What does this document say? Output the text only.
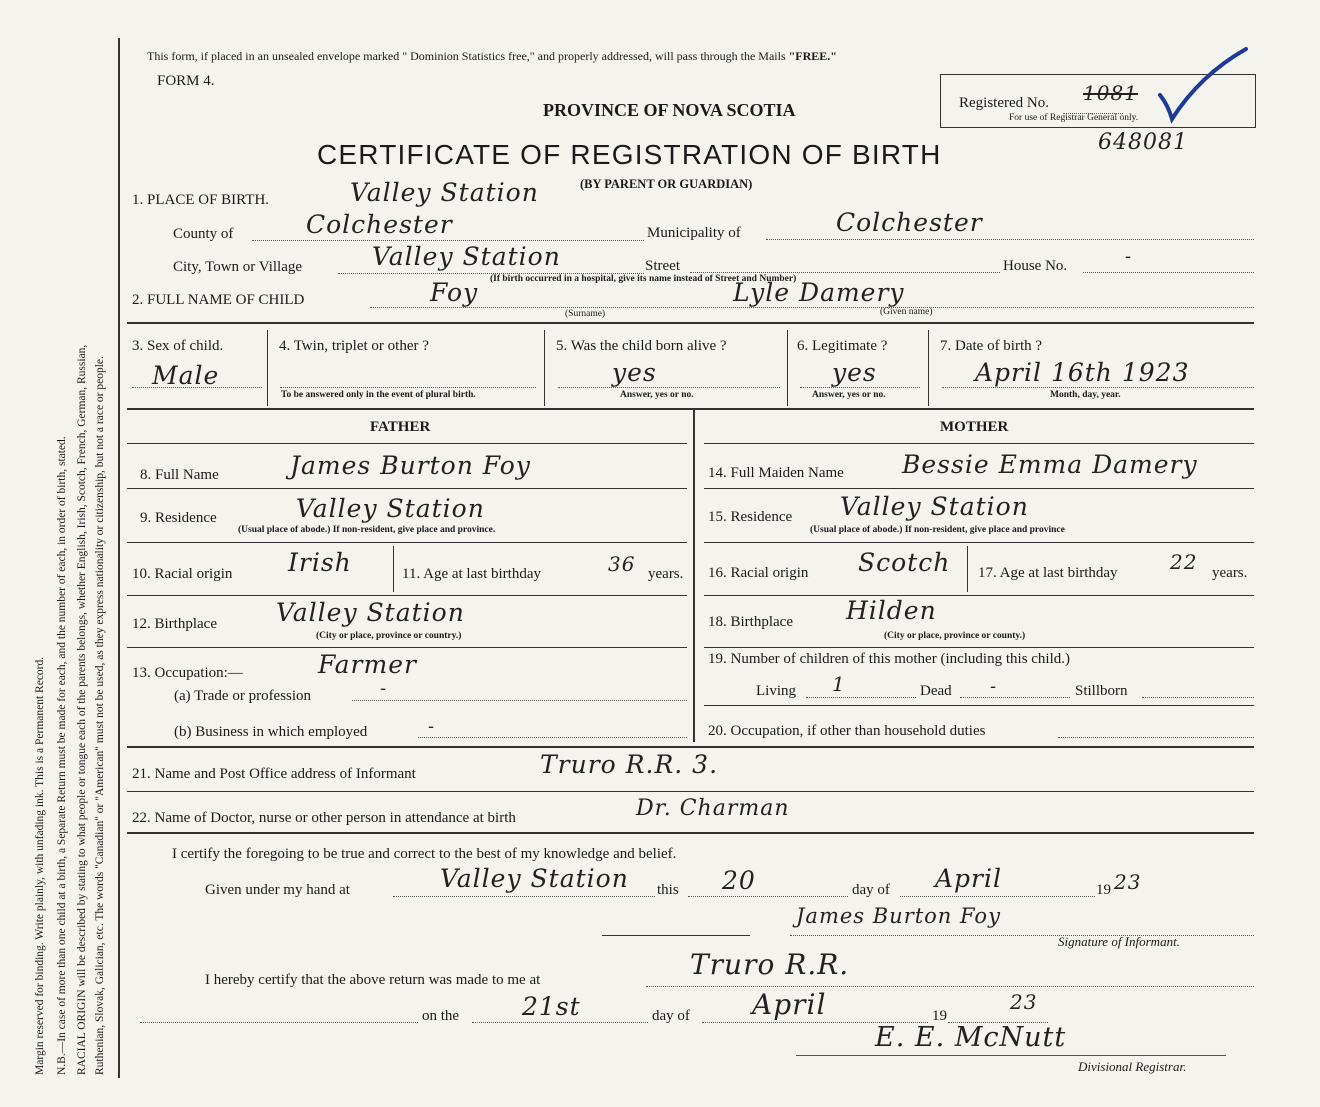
Margin reserved for binding. Write plainly, with unfading ink. This is a Permanent Record. N.B.—In case of more than one child at a birth, a Separate Return must be made for each, and the number of each, in order of birth, stated. RACIAL ORIGIN will be described by stating to what people or tongue each of the parents belongs, whether English, Irish, Scotch, French, German, Russian, Ruthenian, Slovak, Galician, etc. The words "Canadian" or "American" must not be used, as they express nationality or citizenship, but not a race or people.
This form, if placed in an unsealed envelope marked " Dominion Statistics free," and properly addressed, will pass through the Mails "FREE."
FORM 4.
PROVINCE OF NOVA SCOTIA
CERTIFICATE OF REGISTRATION OF BIRTH
(BY PARENT OR GUARDIAN)
Registered No. 1081
For use of Registrar General only.
648081
1. PLACE OF BIRTH.	Valley Station
County of	Colchester	Municipality of	Colchester
City, Town or Village	Valley Station	Street	House No.	-
(If birth occurred in a hospital, give its name instead of Street and Number)
2. FULL NAME OF CHILD	Foy	Lyle Damery
(Surname)	(Given name)
3. Sex of child.
Male
4. Twin, triplet or other ?
To be answered only in the event of plural birth.
5. Was the child born alive ?
yes
Answer, yes or no.
6. Legitimate ?
yes
Answer, yes or no.
7. Date of birth ?
April 16th 1923
Month, day, year.
FATHER	MOTHER
8. Full Name	James Burton Foy
9. Residence	Valley Station
(Usual place of abode.) If non-resident, give place and province.
10. Racial origin Irish	11. Age at last birthday	36 years.
12. Birthplace Valley Station
(City or place, province or country.)
13. Occupation:—	Farmer
(a) Trade or profession	-
(b) Business in which employed	-
14. Full Maiden Name Bessie Emma Damery
15. Residence Valley Station
(Usual place of abode.) If non-resident, give place and province
16. Racial origin Scotch 17. Age at last birthday	22 years.
18. Birthplace Hilden
(City or place, province or county.)
19. Number of children of this mother (including this child.)
Living 1	Dead -	Stillborn
20. Occupation, if other than household duties
21. Name and Post Office address of Informant	Truro R.R. 3.
22. Name of Doctor, nurse or other person in attendance at birth	Dr. Charman
I certify the foregoing to be true and correct to the best of my knowledge and belief.
Given under my hand at	Valley Station this 20	day of April	19 23
James Burton Foy
Signature of Informant.
I hereby certify that the above return was made to me at	Truro R.R.
on the	21st	day of April	19
23
E. E. McNutt
Divisional Registrar.
